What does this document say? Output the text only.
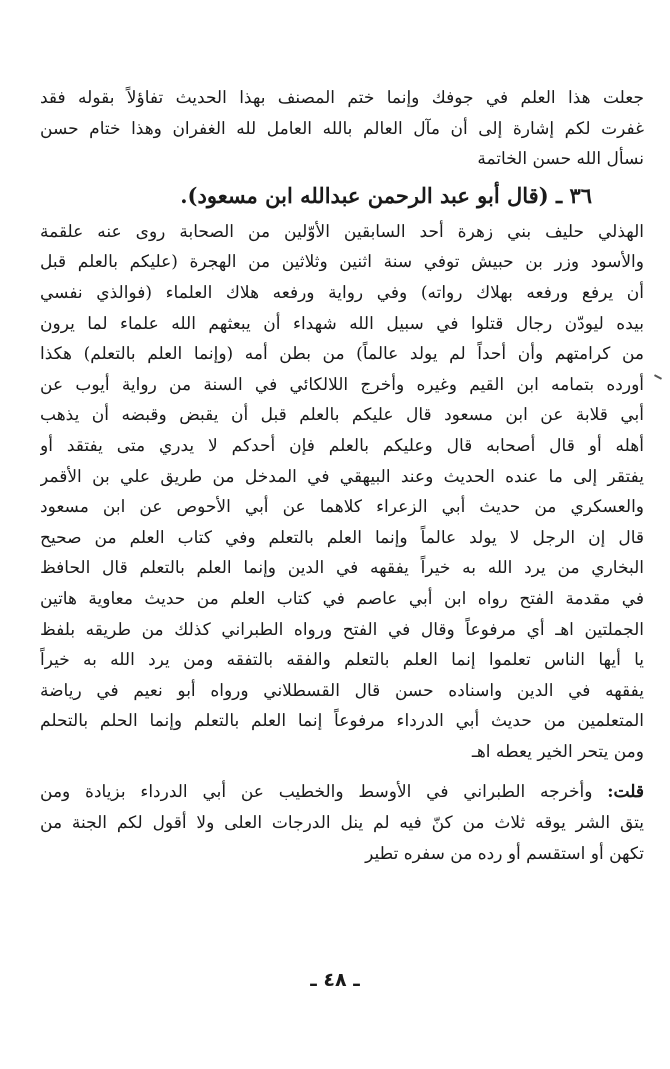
جعلت هذا العلم في جوفك وإنما ختم المصنف بهذا الحديث تفاؤلاً بقوله فقد
غفرت لكم إشارة إلى أن مآل العالم بالله العامل لله الغفران وهذا ختام حسن
نسأل الله حسن الخاتمة
٣٦ ـ (قال أبو عبد الرحمن عبدالله ابن مسعود).
الهذلي حليف بني زهرة أحد السابقين الأوّلين من الصحابة روى عنه علقمة
والأسود وزر بن حبيش توفي سنة اثنين وثلاثين من الهجرة (عليكم بالعلم قبل
أن يرفع ورفعه بهلاك رواته) وفي رواية ورفعه هلاك العلماء (فوالذي نفسي
بيده ليودّن رجال قتلوا في سبيل الله شهداء أن يبعثهم الله علماء لما يرون
من كرامتهم وأن أحداً لم يولد عالماً) من بطن أمه (وإنما العلم بالتعلم) هكذا
أورده بتمامه ابن القيم وغيره وأخرج اللالكائي في السنة من رواية أيوب عن
أبي قلابة عن ابن مسعود قال عليكم بالعلم قبل أن يقبض وقبضه أن يذهب
أهله أو قال أصحابه قال وعليكم بالعلم فإن أحدكم لا يدري متى يفتقد أو
يفتقر إلى ما عنده الحديث وعند البيهقي في المدخل من طريق علي بن الأقمر
والعسكري من حديث أبي الزعراء كلاهما عن أبي الأحوص عن ابن مسعود
قال إن الرجل لا يولد عالماً وإنما العلم بالتعلم وفي كتاب العلم من صحيح
البخاري من يرد الله به خيراً يفقهه في الدين وإنما العلم بالتعلم قال الحافظ
في مقدمة الفتح رواه ابن أبي عاصم في كتاب العلم من حديث معاوية هاتين
الجملتين اهـ أي مرفوعاً وقال في الفتح ورواه الطبراني كذلك من طريقه بلفظ
يا أيها الناس تعلموا إنما العلم بالتعلم والفقه بالتفقه ومن يرد الله به خيراً
يفقهه في الدين واسناده حسن قال القسطلاني ورواه أبو نعيم في رياضة
المتعلمين من حديث أبي الدرداء مرفوعاً إنما العلم بالتعلم وإنما الحلم بالتحلم
ومن يتحر الخير يعطه اهـ
قلت: وأخرجه الطبراني في الأوسط والخطيب عن أبي الدرداء بزيادة ومن
يتق الشر يوقه ثلاث من كنّ فيه لم ينل الدرجات العلى ولا أقول لكم الجنة من
تكهن أو استقسم أو رده من سفره تطير
ـ ٤٨ ـ
